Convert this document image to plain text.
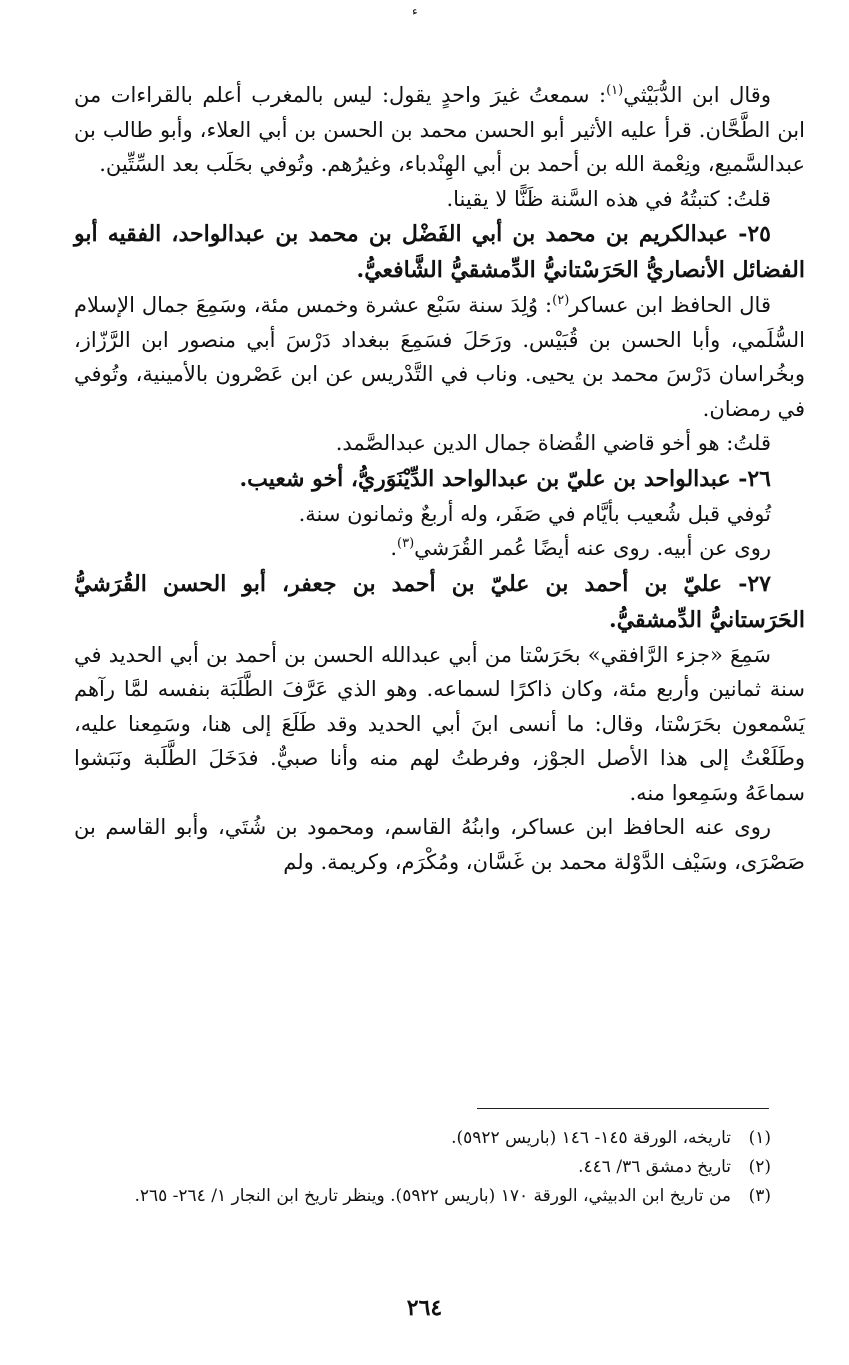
ء

وقال ابن الدُّبَيْثي$^{(١)}$: سمعتُ غيرَ واحدٍ يقول: ليس بالمغرب أعلم بالقراءات من ابن الطَّحَّان. قرأ عليه الأثير أبو الحسن محمد بن الحسن بن أبي العلاء، وأبو طالب بن عبدالسَّميع، ونِعْمة الله بن أحمد بن أبي الهِنْدباء، وغيرُهم. وتُوفي بحَلَب بعد السِّتِّين.

قلتُ: كتبتُهُ في هذه السَّنة ظَنًّا لا يقينا.

٢٥- عبدالكريم بن محمد بن أبي الفَضْل بن محمد بن عبدالواحد، الفقيه أبو الفضائل الأنصاريُّ الحَرَسْتانيُّ الدِّمشقيُّ الشَّافعيُّ.

قال الحافظ ابن عساكر$^{(٢)}$: وُلِدَ سنة سَبْع عشرة وخمس مئة، وسَمِعَ جمال الإسلام السُّلَمي، وأبا الحسن بن قُبَيْس. ورَحَلَ فسَمِعَ ببغداد دَرْسَ أبي منصور ابن الرَّزّاز، وبخُراسان دَرْسَ محمد بن يحيى. وناب في التَّدْريس عن ابن عَصْرون بالأمينية، وتُوفي في رمضان.

قلتُ: هو أخو قاضي القُضاة جمال الدين عبدالصَّمد.

٢٦- عبدالواحد بن عليّ بن عبدالواحد الدِّيْنَوَريُّ، أخو شعيب.

تُوفي قبل شُعيب بأيَّام في صَفَر، وله أربعٌ وثمانون سنة.

روى عن أبيه. روى عنه أيضًا عُمر القُرَشي$^{(٣)}$.

٢٧- عليّ بن أحمد بن عليّ بن أحمد بن جعفر، أبو الحسن القُرَشيُّ الحَرَستانيُّ الدِّمشقيُّ.

سَمِعَ «جزء الرَّافقي» بحَرَسْتا من أبي عبدالله الحسن بن أحمد بن أبي الحديد في سنة ثمانين وأربع مئة، وكان ذاكرًا لسماعه. وهو الذي عَرَّفَ الطَّلَبَة بنفسه لمَّا رآهم يَسْمعون بحَرَسْتا، وقال: ما أنسى ابنَ أبي الحديد وقد طَلَعَ إلى هنا، وسَمِعنا عليه، وطَلَعْتُ إلى هذا الأصل الجوْز، وفرطتُ لهم منه وأنا صبيٌّ. فدَخَلَ الطَّلَبة ونَبَشوا سماعَهُ وسَمِعوا منه.

روى عنه الحافظ ابن عساكر، وابنُهُ القاسم، ومحمود بن شُتَي، وأبو القاسم بن صَصْرَى، وسَيْف الدَّوْلة محمد بن غَسَّان، ومُكْرَم، وكريمة. ولم

(١)
تاريخه، الورقة ١٤٥- ١٤٦ (باريس ٥٩٢٢).
(٢)
تاريخ دمشق ٣٦/ ٤٤٦.
(٣)
من تاريخ ابن الدبيثي، الورقة ١٧٠ (باريس ٥٩٢٢). وينظر تاريخ ابن النجار ١/ ٢٦٤- ٢٦٥.
٢٦٤
